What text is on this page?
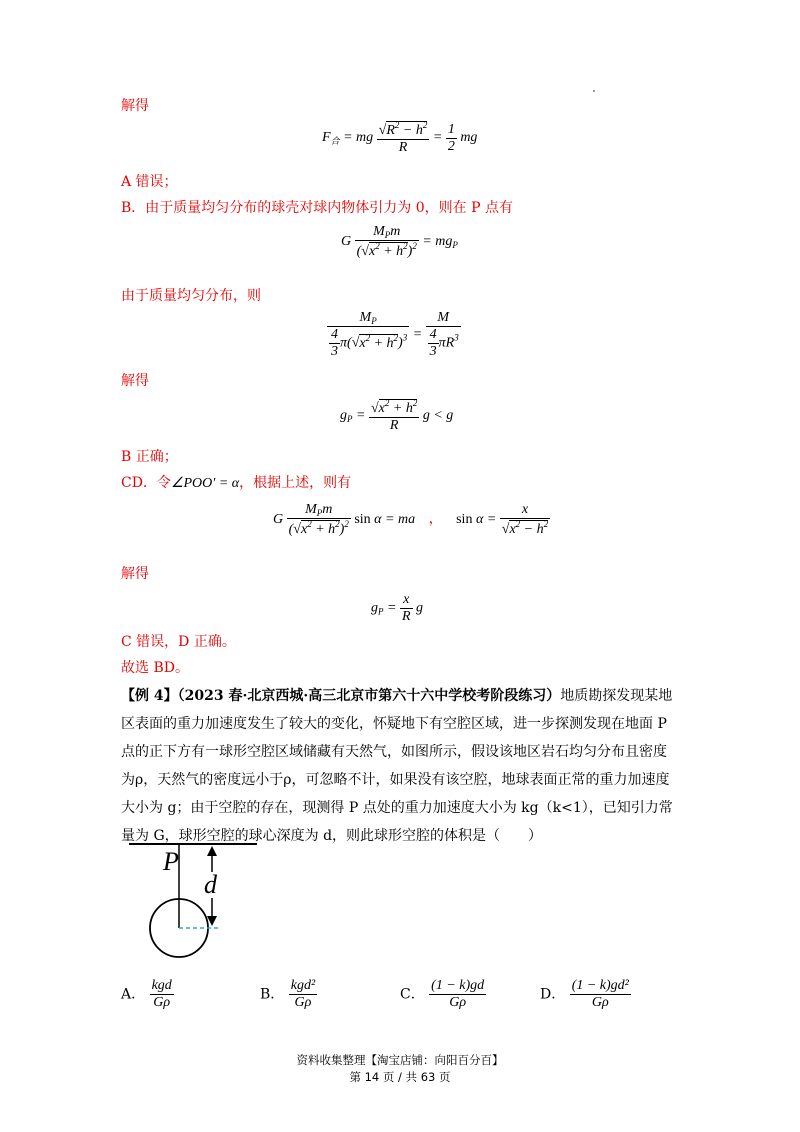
解得
$F_合$ = mg $\frac{√R^2 - h^2}{R} = \frac{1}{2}$ mg
A 错误；
B．由于质量均匀分布的球壳对球内物体引力为 0，则在 P 点有
G $\frac{M_Pm}{(√x^2 + h^2)^2} = mg_P$
由于质量均匀分布，则
$\frac{M_P}{\frac{4}{3} \pi(√x^2 + h^2)^3} = \frac{M}{\frac{4}{3} \pi R^3}$
解得
$g_P = \frac{√x^2 + h^2}{R}$ g < g
B 正确；
CD．令∠POO′ = α，根据上述，则有
G $\frac{M_Pm}{(√x^2 + h^2)^2}$ sin α = ma ， $\sin \alpha = \frac{x}{√x^2 - h^2}$
解得
$g_P = \frac{x}{R}$ g
C 错误，D 正确。
故选 BD。
【例 4】（2023 春·北京西城·高三北京市第六十六中学校考阶段练习）地质勘探发现某地
区表面的重力加速度发生了较大的变化，怀疑地下有空腔区域，进一步探测发现在地面 P
点的正下方有一球形空腔区域储藏有天然气，如图所示，假设该地区岩石均匀分布且密度
为ρ，天然气的密度远小于ρ，可忽略不计，如果没有该空腔，地球表面正常的重力加速度
大小为 g；由于空腔的存在，现测得 P 点处的重力加速度大小为 kg（k<1），已知引力常
量为 G，球形空腔的球心深度为 d，则此球形空腔的体积是（　　）
P
d
A． $\frac{\text{kgd}}{G\rho}$	B． $\frac{\text{kgd²}}{G\rho}$	C． $\frac{(1 - k)gd}{G\rho}$	D． $\frac{\text{(1 − k)gd²}}{G\rho}$
资料收集整理【淘宝店铺：向阳百分百】
第 14 页 / 共 63 页
